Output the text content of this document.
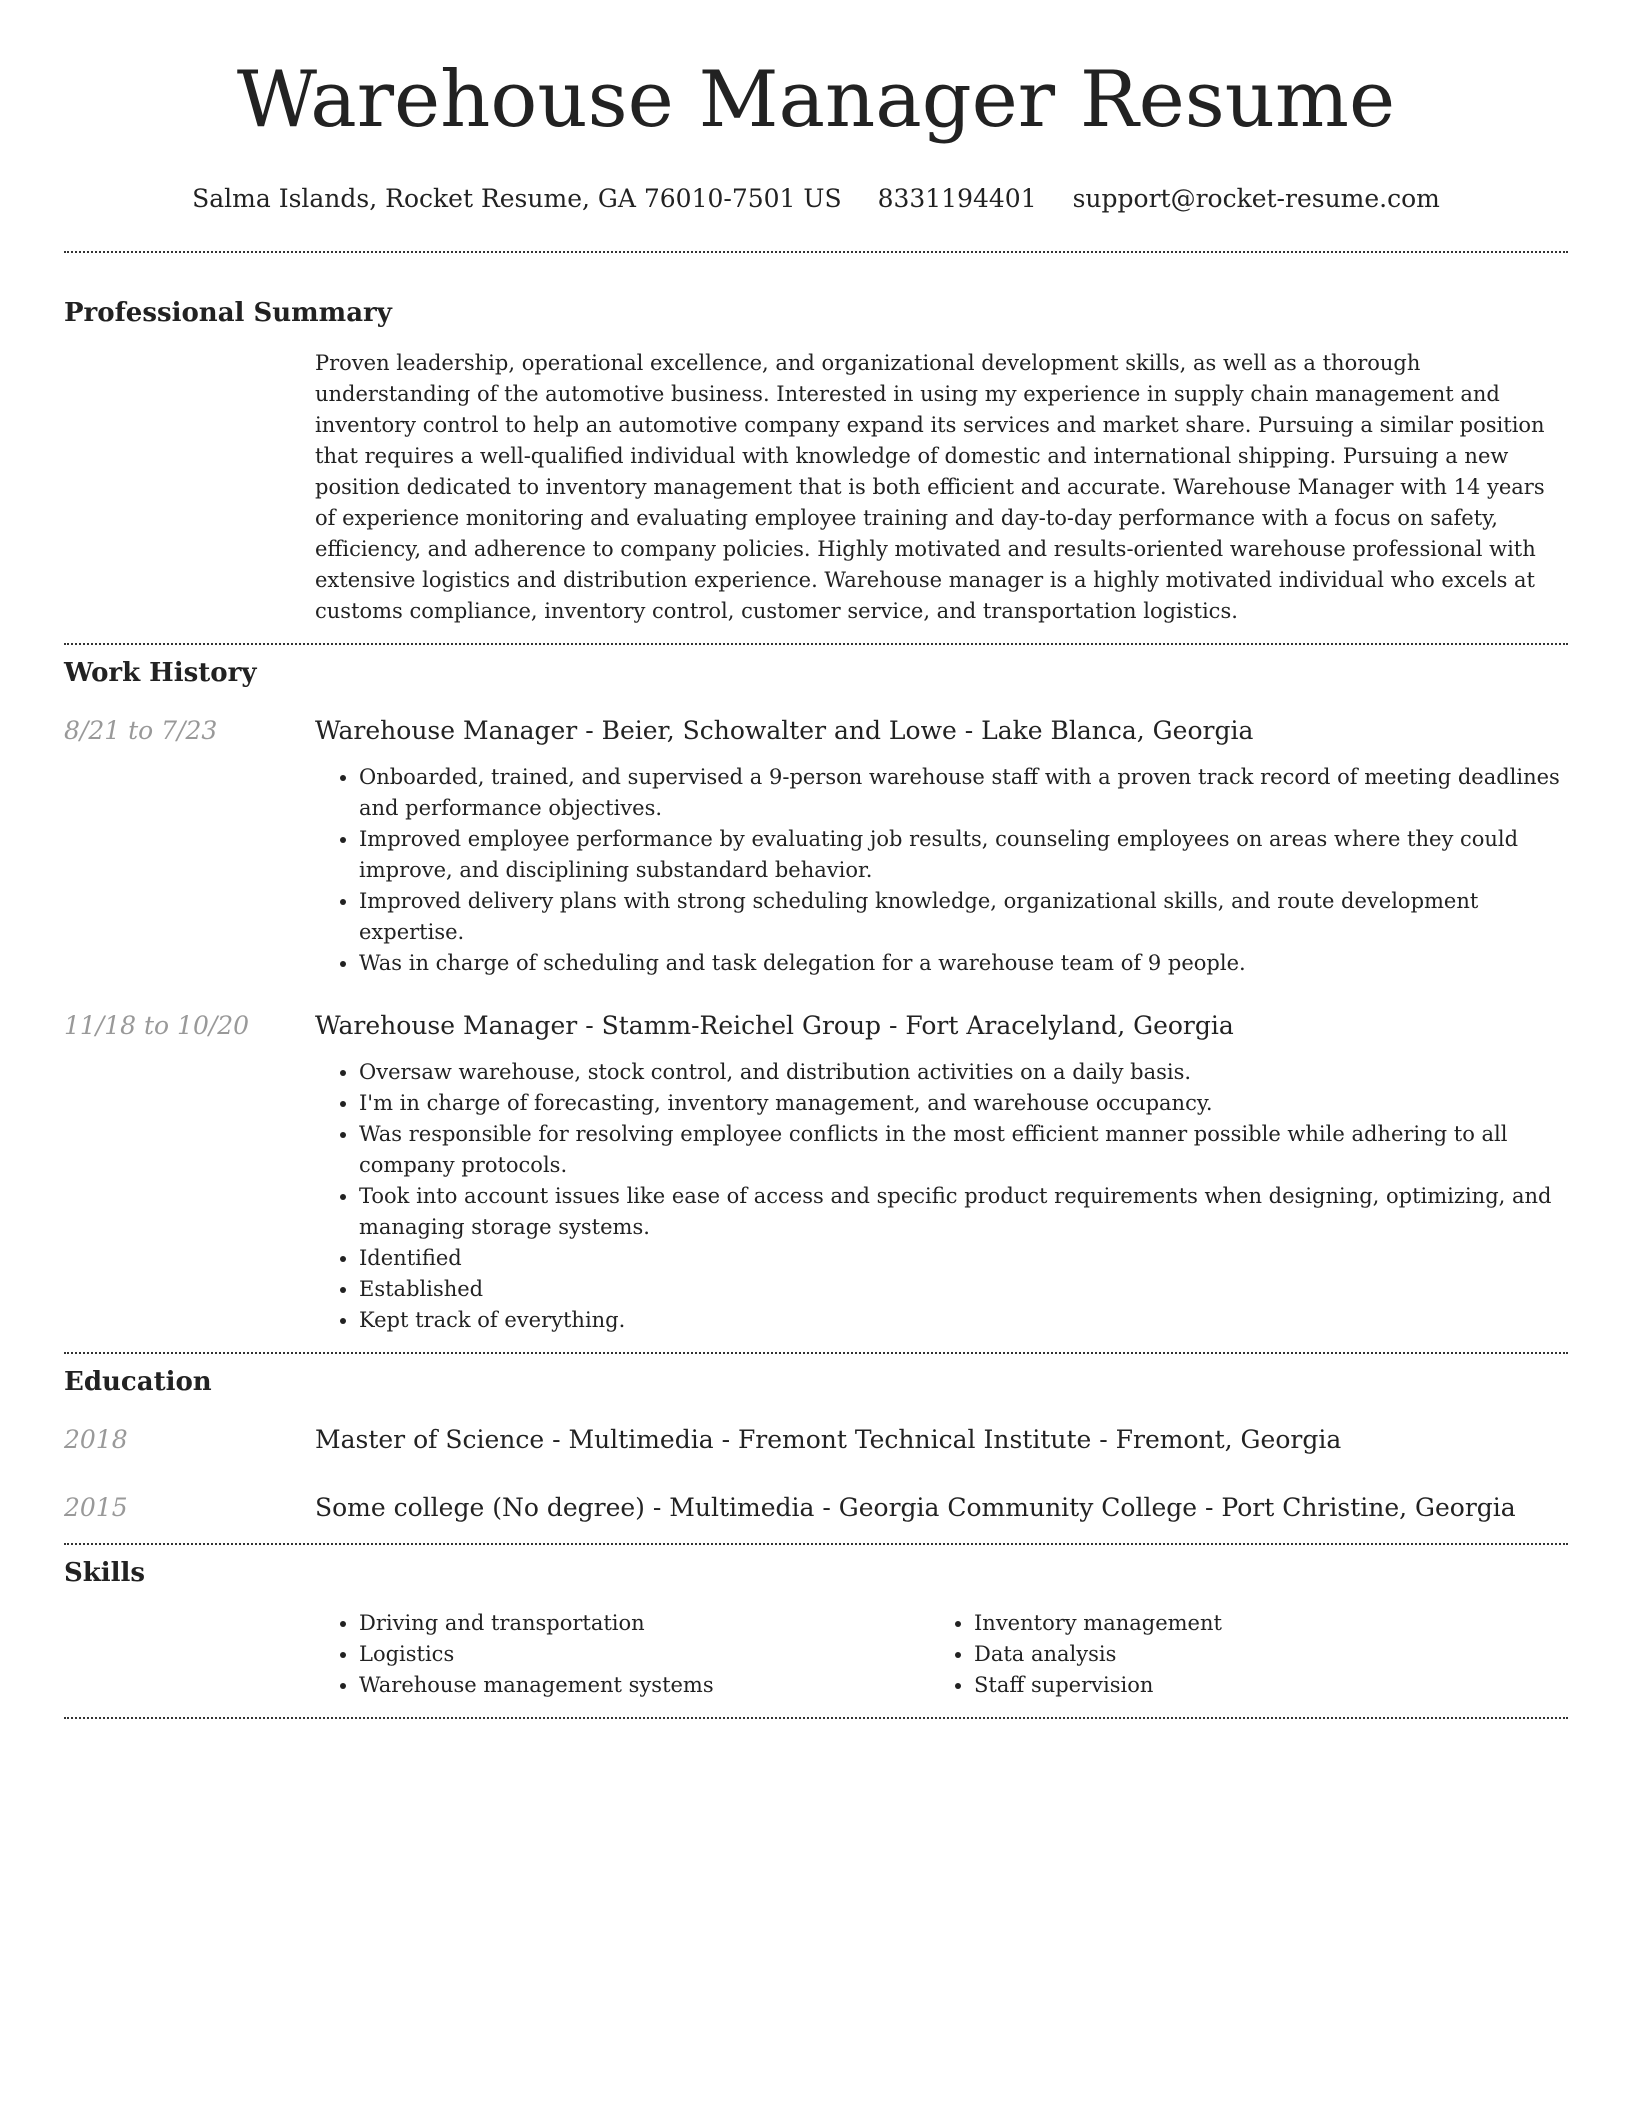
Warehouse Manager Resume
Salma Islands, Rocket Resume, GA 76010-7501 US 8331194401 support@rocket-resume.com
Professional Summary

Proven leadership, operational excellence, and organizational development skills, as well as a thorough understanding of the automotive business. Interested in using my experience in supply chain management and inventory control to help an automotive company expand its services and market share. Pursuing a similar position that requires a well-qualified individual with knowledge of domestic and international shipping. Pursuing a new position dedicated to inventory management that is both efficient and accurate. Warehouse Manager with 14 years of experience monitoring and evaluating employee training and day-to-day performance with a focus on safety, efficiency, and adherence to company policies. Highly motivated and results-oriented warehouse professional with extensive logistics and distribution experience. Warehouse manager is a highly motivated individual who excels at customs compliance, inventory control, customer service, and transportation logistics.

Work History
8/21 to 7/23	Warehouse Manager - Beier, Schowalter and Lowe - Lake Blanca, Georgia
• Onboarded, trained, and supervised a 9-person warehouse staff with a proven track record of meeting deadlines and performance objectives.
• Improved employee performance by evaluating job results, counseling employees on areas where they could improve, and disciplining substandard behavior.
• Improved delivery plans with strong scheduling knowledge, organizational skills, and route development expertise.
• Was in charge of scheduling and task delegation for a warehouse team of 9 people.
11/18 to 10/20	Warehouse Manager - Stamm-Reichel Group - Fort Aracelyland, Georgia
• Oversaw warehouse, stock control, and distribution activities on a daily basis.
• I'm in charge of forecasting, inventory management, and warehouse occupancy.
• Was responsible for resolving employee conflicts in the most efficient manner possible while adhering to all company protocols.
• Took into account issues like ease of access and specific product requirements when designing, optimizing, and managing storage systems.
• Identified
• Established
• Kept track of everything.
Education
2018	Master of Science - Multimedia - Fremont Technical Institute - Fremont, Georgia
2015	Some college (No degree) - Multimedia - Georgia Community College - Port Christine, Georgia
Skills
• Driving and transportation
• Logistics
• Warehouse management systems
• Inventory management
• Data analysis
• Staff supervision
